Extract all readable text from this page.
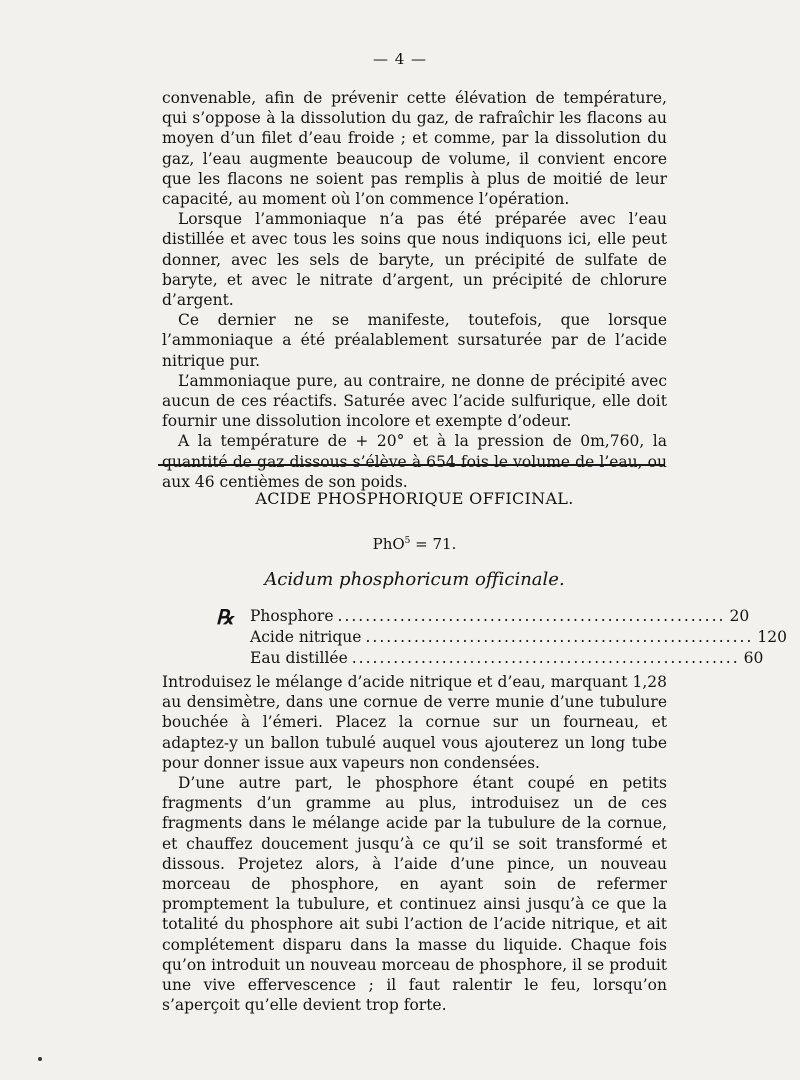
— 4 —

convenable, afin de prévenir cette élévation de température, qui s’oppose à la dissolution du gaz, de rafraîchir les flacons au moyen d’un filet d’eau froide ; et comme, par la dissolution du gaz, l’eau augmente beaucoup de volume, il convient encore que les flacons ne soient pas remplis à plus de moitié de leur capacité, au moment où l’on commence l’opération.

Lorsque l’ammoniaque n’a pas été préparée avec l’eau distillée et avec tous les soins que nous indiquons ici, elle peut donner, avec les sels de baryte, un précipité de sulfate de baryte, et avec le nitrate d’argent, un précipité de chlorure d’argent.

Ce dernier ne se manifeste, toutefois, que lorsque l’ammoniaque a été préalablement sursaturée par de l’acide nitrique pur.

L’ammoniaque pure, au contraire, ne donne de précipité avec aucun de ces réactifs. Saturée avec l’acide sulfurique, elle doit fournir une dissolution incolore et exempte d’odeur.

A la température de + 20° et à la pression de 0m,760, la quantité de gaz dissous s’élève à 654 fois le volume de l’eau, ou aux 46 centièmes de son poids.

ACIDE PHOSPHORIQUE OFFICINAL.
PhO$^5$ = 71.
Acidum phosphoricum officinale.
℞ Phosphore ........................................................ 20
Acide nitrique ........................................................ 120
Eau distillée ........................................................ 60

Introduisez le mélange d’acide nitrique et d’eau, marquant 1,28 au densimètre, dans une cornue de verre munie d’une tubulure bouchée à l’émeri. Placez la cornue sur un fourneau, et adaptez-y un ballon tubulé auquel vous ajouterez un long tube pour donner issue aux vapeurs non condensées.

D’une autre part, le phosphore étant coupé en petits fragments d’un gramme au plus, introduisez un de ces fragments dans le mélange acide par la tubulure de la cornue, et chauffez doucement jusqu’à ce qu’il se soit transformé et dissous. Projetez alors, à l’aide d’une pince, un nouveau morceau de phosphore, en ayant soin de refermer promptement la tubulure, et continuez ainsi jusqu’à ce que la totalité du phosphore ait subi l’action de l’acide nitrique, et ait complétement disparu dans la masse du liquide. Chaque fois qu’on introduit un nouveau morceau de phosphore, il se produit une vive effervescence ; il faut ralentir le feu, lorsqu’on s’aperçoit qu’elle devient trop forte.
